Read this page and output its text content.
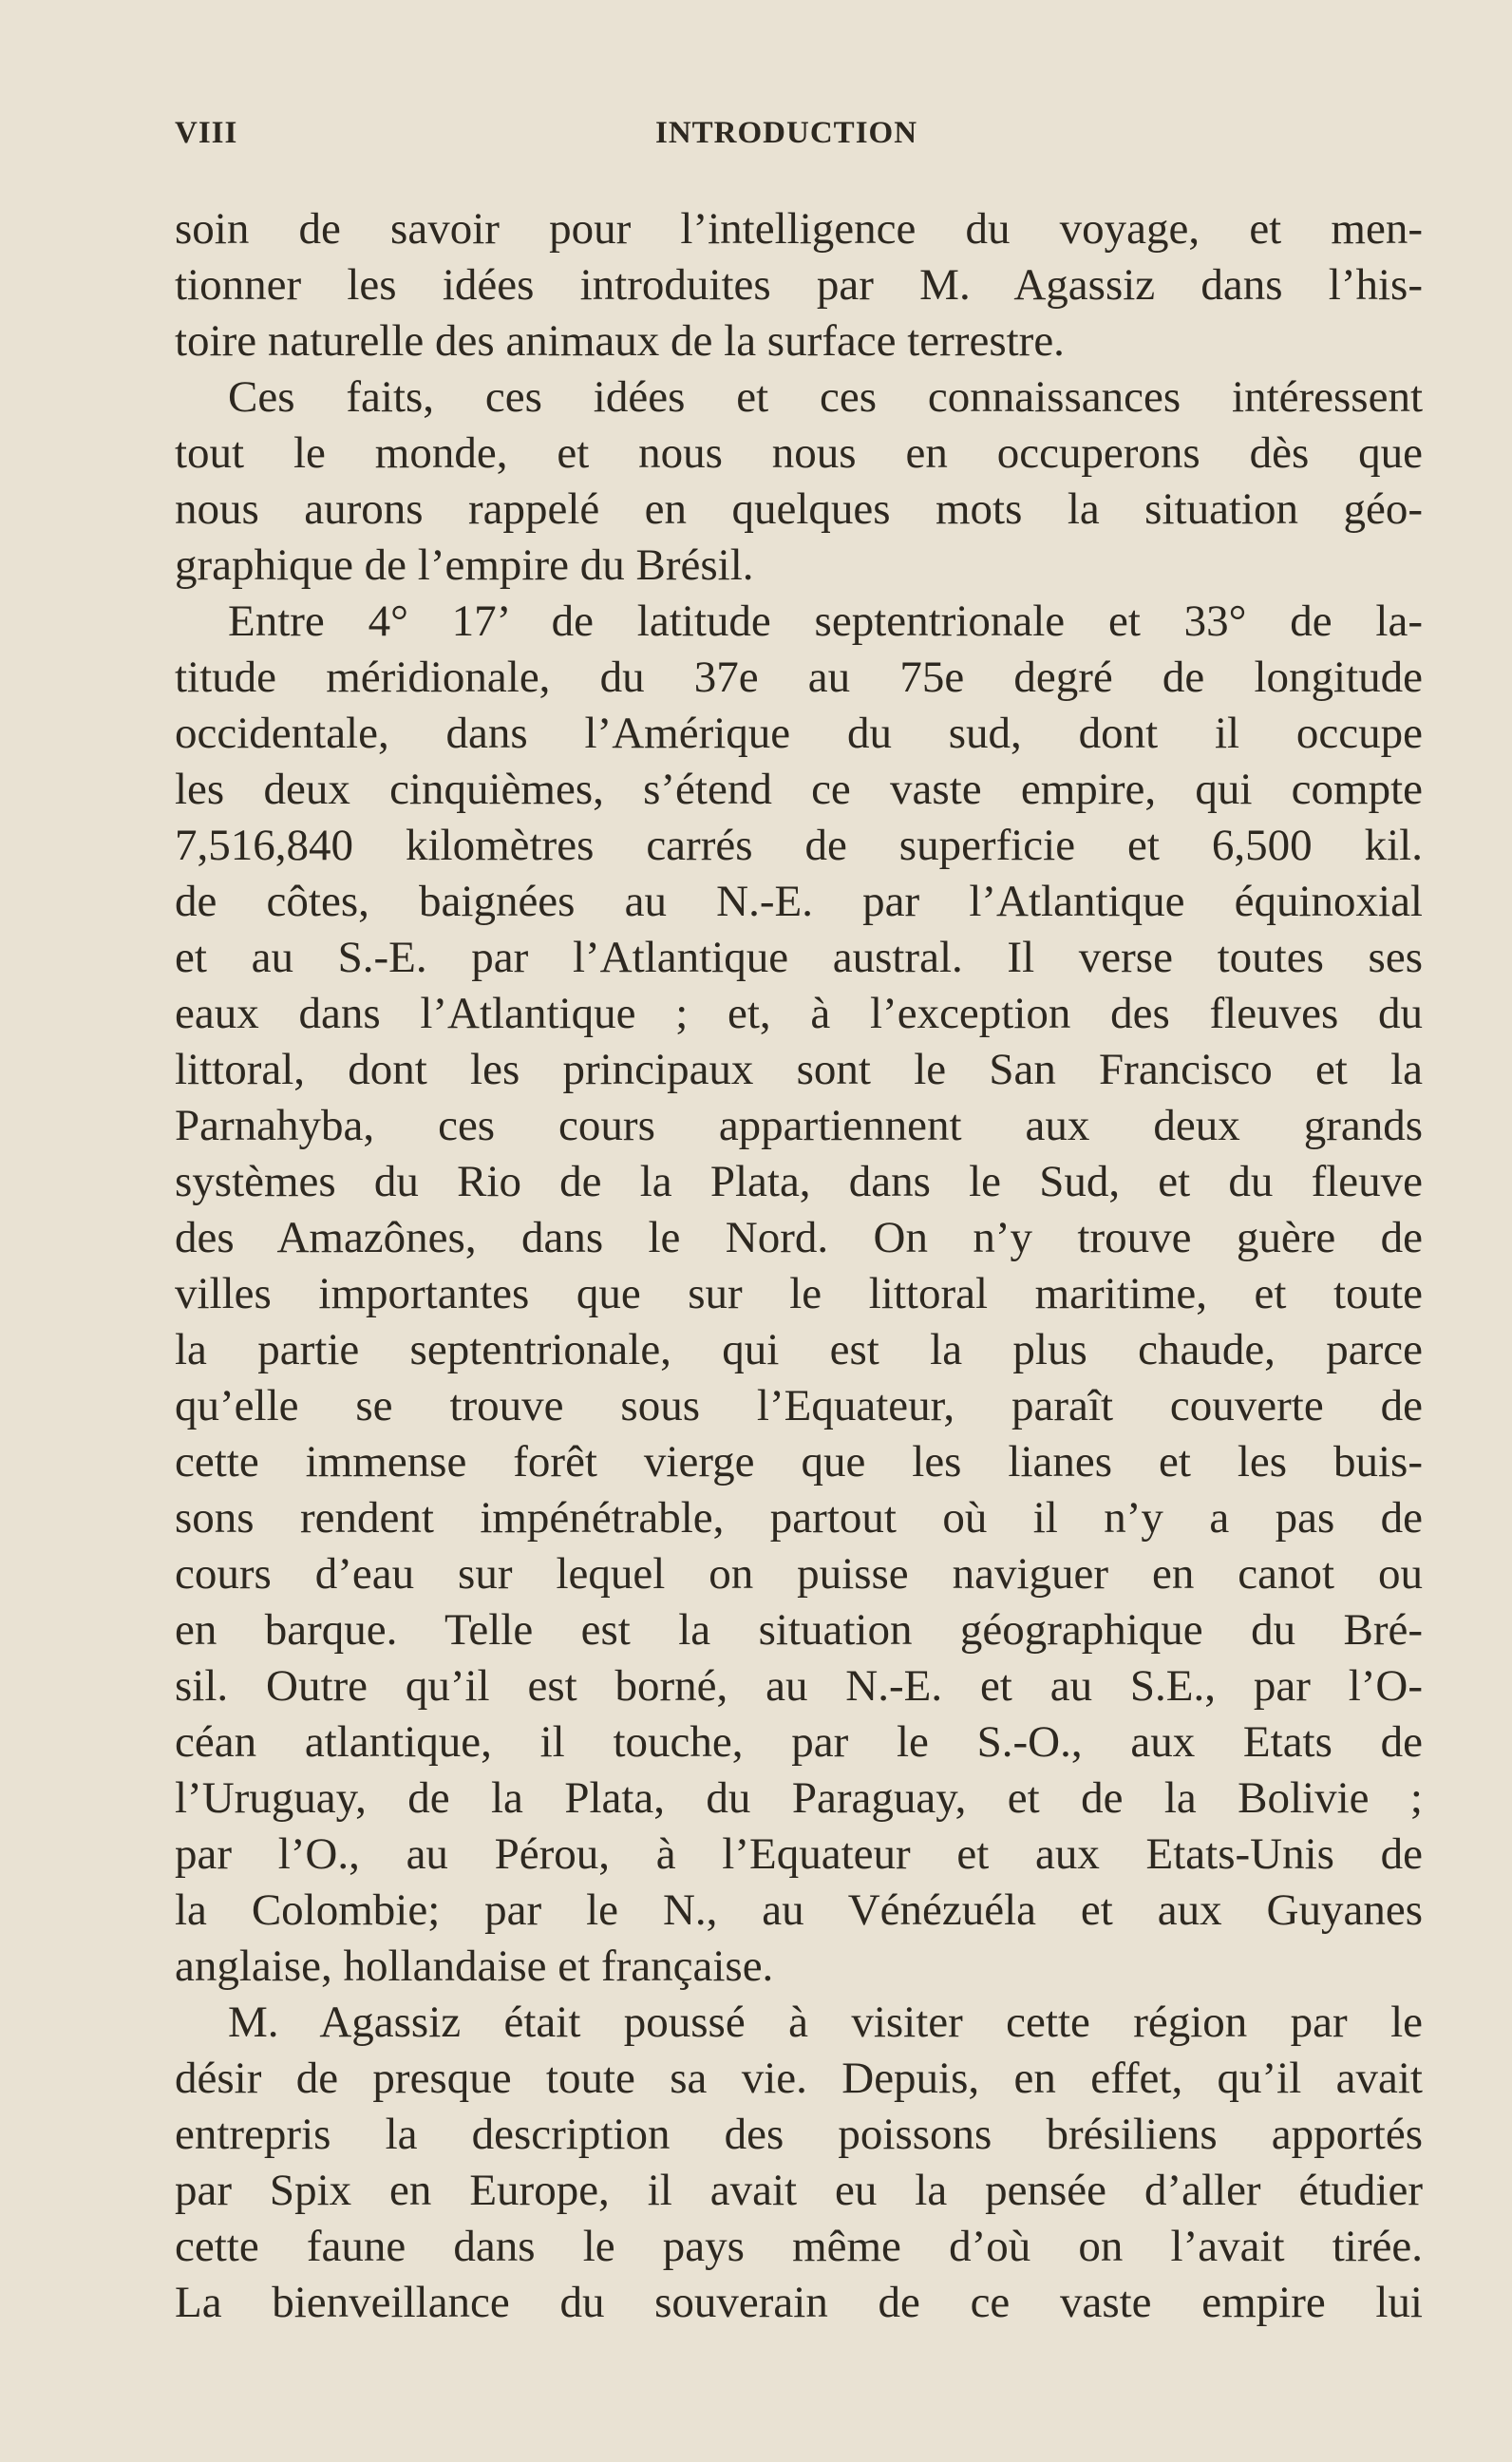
VIII	INTRODUCTION
soin de savoir pour l’intelligence du voyage, et men-
tionner les idées introduites par M. Agassiz dans l’his-
toire naturelle des animaux de la surface terrestre.
Ces faits, ces idées et ces connaissances intéressent
tout le monde, et nous nous en occuperons dès que
nous aurons rappelé en quelques mots la situation géo-
graphique de l’empire du Brésil.
Entre 4° 17’ de latitude septentrionale et 33° de la-
titude méridionale, du 37e au 75e degré de longitude
occidentale, dans l’Amérique du sud, dont il occupe
les deux cinquièmes, s’étend ce vaste empire, qui compte
7,516,840 kilomètres carrés de superficie et 6,500 kil.
de côtes, baignées au N.-E. par l’Atlantique équinoxial
et au S.-E. par l’Atlantique austral. Il verse toutes ses
eaux dans l’Atlantique ; et, à l’exception des fleuves du
littoral, dont les principaux sont le San Francisco et la
Parnahyba, ces cours appartiennent aux deux grands
systèmes du Rio de la Plata, dans le Sud, et du fleuve
des Amazônes, dans le Nord. On n’y trouve guère de
villes importantes que sur le littoral maritime, et toute
la partie septentrionale, qui est la plus chaude, parce
qu’elle se trouve sous l’Equateur, paraît couverte de
cette immense forêt vierge que les lianes et les buis-
sons rendent impénétrable, partout où il n’y a pas de
cours d’eau sur lequel on puisse naviguer en canot ou
en barque. Telle est la situation géographique du Bré-
sil. Outre qu’il est borné, au N.-E. et au S.E., par l’O-
céan atlantique, il touche, par le S.-O., aux Etats de
l’Uruguay, de la Plata, du Paraguay, et de la Bolivie ;
par l’O., au Pérou, à l’Equateur et aux Etats-Unis de
la Colombie; par le N., au Vénézuéla et aux Guyanes
anglaise, hollandaise et française.
M. Agassiz était poussé à visiter cette région par le
désir de presque toute sa vie. Depuis, en effet, qu’il avait
entrepris la description des poissons brésiliens apportés
par Spix en Europe, il avait eu la pensée d’aller étudier
cette faune dans le pays même d’où on l’avait tirée.
La bienveillance du souverain de ce vaste empire lui
